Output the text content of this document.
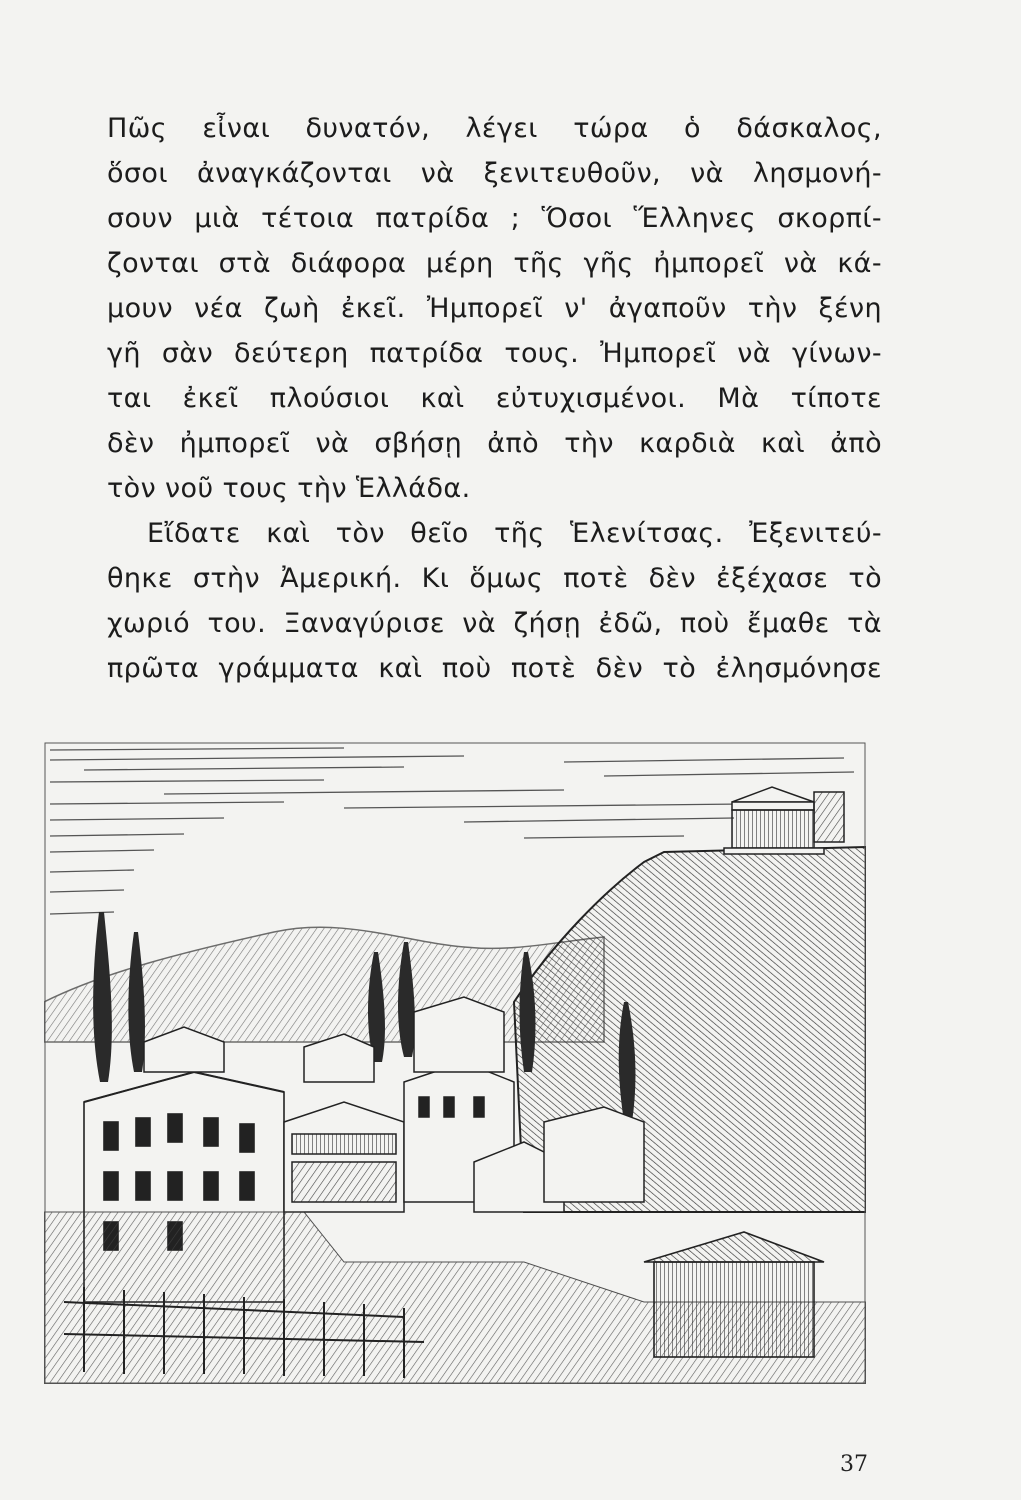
Πῶς εἶναι δυνατόν, λέγει τώρα ὁ δάσκαλος,
ὅσοι ἀναγκάζονται νὰ ξενιτευθοῦν, νὰ λησμονή-
σουν μιὰ τέτοια πατρίδα ; Ὅσοι Ἕλληνες σκορπί-
ζονται στὰ διάφορα μέρη τῆς γῆς ἠμπορεῖ νὰ κά-
μουν νέα ζωὴ ἐκεῖ. Ἠμπορεῖ ν' ἀγαποῦν τὴν ξένη
γῆ σὰν δεύτερη πατρίδα τους. Ἠμπορεῖ νὰ γίνων-
ται ἐκεῖ πλούσιοι καὶ εὐτυχισμένοι. Μὰ τίποτε
δὲν ἠμπορεῖ νὰ σβήσῃ ἀπὸ τὴν καρδιὰ καὶ ἀπὸ
τὸν νοῦ τους τὴν Ἑλλάδα.
Εἴδατε καὶ τὸν θεῖο τῆς Ἑλενίτσας. Ἐξενιτεύ-
θηκε στὴν Ἀμερική. Κι ὅμως ποτὲ δὲν ἐξέχασε τὸ
χωριό του. Ξαναγύρισε νὰ ζήσῃ ἐδῶ, ποὺ ἔμαθε τὰ
πρῶτα γράμματα καὶ ποὺ ποτὲ δὲν τὸ ἐλησμόνησε
37
